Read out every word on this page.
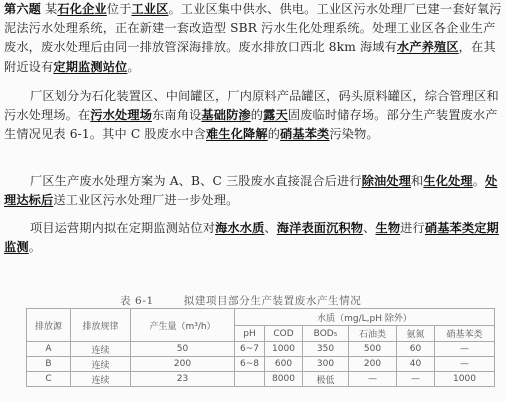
第六题 某石化企业位于工业区。工业区集中供水、供电。工业区污水处理厂已建一套好氧污泥法污水处理系统，正在新建一套改造型 SBR 污水生化处理系统。处理工业区各企业生产废水，废水处理后由同一排放管深海排放。废水排放口西北 8km 海域有水产养殖区，在其附近设有定期监测站位。
厂区划分为石化装置区、中间罐区，厂内原料产品罐区，码头原料罐区，综合管理区和污水处理场。在污水处理场东南角设基础防渗的露天固废临时储存场。部分生产装置废水产生情况见表 6-1。其中 C 股废水中含难生化降解的硝基苯类污染物。
厂区生产废水处理方案为 A、B、C 三股废水直接混合后进行除油处理和生化处理。处理达标后送工业区污水处理厂进一步处理。
项目运营期内拟在定期监测站位对海水水质、海洋表面沉积物、生物进行硝基苯类定期监测。
表 6-1	拟建项目部分生产装置废水产生情况
排放源	排放规律	产生量（m³/h）	水质（mg/L,pH 除外）					
			pH	COD	BOD₅	石油类	氨氮	硝基苯类
A	连续	50	6~7	1000	350	500	60	—
B	连续	200	6~8	600	300	200	40	—
C	连续	23		8000	极低	—	—	1000
